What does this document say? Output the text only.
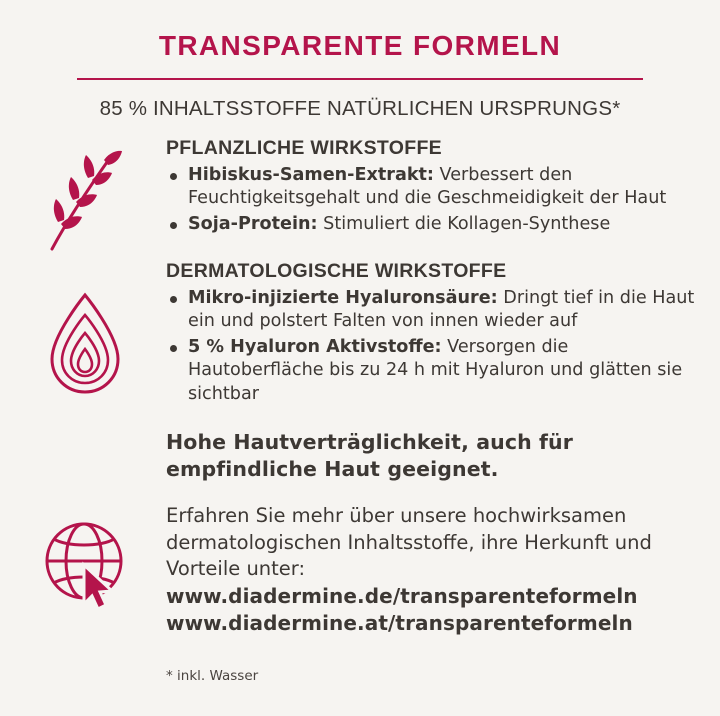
TRANSPARENTE FORMELN
85 % INHALTSSTOFFE NATÜRLICHEN URSPRUNGS*
PFLANZLICHE WIRKSTOFFE
Hibiskus-Samen-Extrakt: Verbessert den Feuchtigkeitsgehalt und die Geschmeidigkeit der Haut
Soja-Protein: Stimuliert die Kollagen-Synthese
DERMATOLOGISCHE WIRKSTOFFE
Mikro-injizierte Hyaluronsäure: Dringt tief in die Haut ein und polstert Falten von innen wieder auf
5 % Hyaluron Aktivstoffe: Versorgen die Hautoberfläche bis zu 24 h mit Hyaluron und glätten sie sichtbar
Hohe Hautverträglichkeit, auch für empfindliche Haut geeignet.
Erfahren Sie mehr über unsere hochwirksamen dermatologischen Inhaltsstoffe, ihre Herkunft und Vorteile unter:
www.diadermine.de/transparenteformeln
www.diadermine.at/transparenteformeln
* inkl. Wasser
